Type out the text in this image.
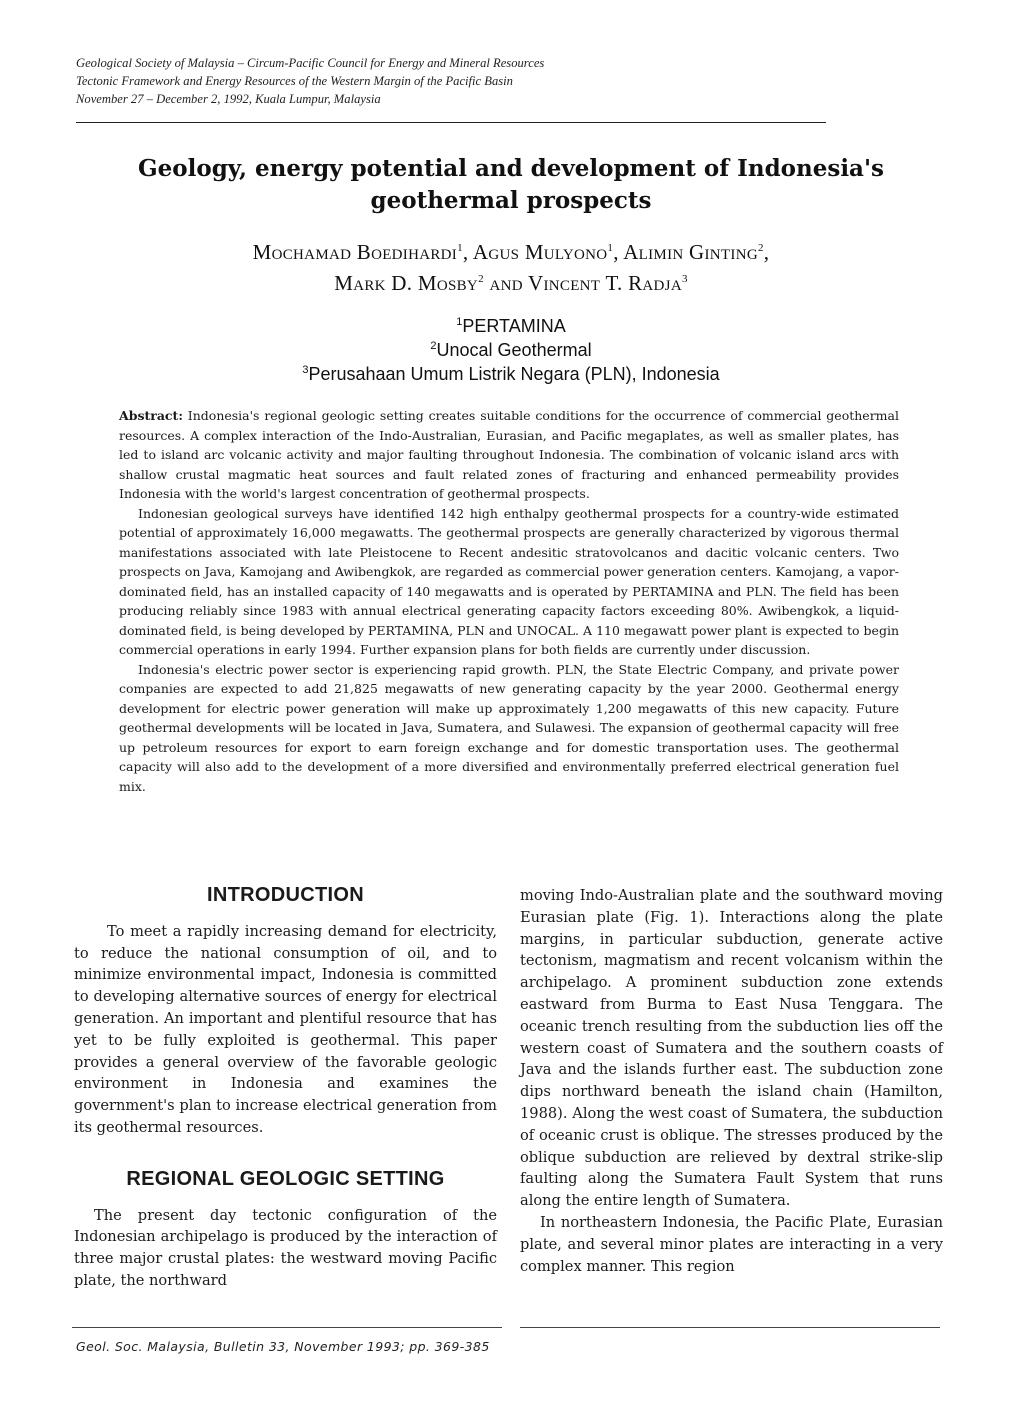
Geological Society of Malaysia – Circum-Pacific Council for Energy and Mineral Resources
Tectonic Framework and Energy Resources of the Western Margin of the Pacific Basin
November 27 – December 2, 1992, Kuala Lumpur, Malaysia
Geology, energy potential and development of Indonesia's
geothermal prospects
Mochamad Boedihardi$^1$, Agus Mulyono$^1$, Alimin Ginting$^2$,
Mark D. Mosby$^2$ and Vincent T. Radja$^3$
$^1$PERTAMINA
$^2$Unocal Geothermal
$^3$Perusahaan Umum Listrik Negara (PLN), Indonesia

Abstract: Indonesia's regional geologic setting creates suitable conditions for the occurrence of commercial geothermal resources. A complex interaction of the Indo-Australian, Eurasian, and Pacific megaplates, as well as smaller plates, has led to island arc volcanic activity and major faulting throughout Indonesia. The combination of volcanic island arcs with shallow crustal magmatic heat sources and fault related zones of fracturing and enhanced permeability provides Indonesia with the world's largest concentration of geothermal prospects.

Indonesian geological surveys have identified 142 high enthalpy geothermal prospects for a country-wide estimated potential of approximately 16,000 megawatts. The geothermal prospects are generally characterized by vigorous thermal manifestations associated with late Pleistocene to Recent andesitic stratovolcanos and dacitic volcanic centers. Two prospects on Java, Kamojang and Awibengkok, are regarded as commercial power generation centers. Kamojang, a vapor-dominated field, has an installed capacity of 140 megawatts and is operated by PERTAMINA and PLN. The field has been producing reliably since 1983 with annual electrical generating capacity factors exceeding 80%. Awibengkok, a liquid-dominated field, is being developed by PERTAMINA, PLN and UNOCAL. A 110 megawatt power plant is expected to begin commercial operations in early 1994. Further expansion plans for both fields are currently under discussion.

Indonesia's electric power sector is experiencing rapid growth. PLN, the State Electric Company, and private power companies are expected to add 21,825 megawatts of new generating capacity by the year 2000. Geothermal energy development for electric power generation will make up approximately 1,200 megawatts of this new capacity. Future geothermal developments will be located in Java, Sumatera, and Sulawesi. The expansion of geothermal capacity will free up petroleum resources for export to earn foreign exchange and for domestic transportation uses. The geothermal capacity will also add to the development of a more diversified and environmentally preferred electrical generation fuel mix.

INTRODUCTION

To meet a rapidly increasing demand for electricity, to reduce the national consumption of oil, and to minimize environmental impact, Indonesia is committed to developing alternative sources of energy for electrical generation. An important and plentiful resource that has yet to be fully exploited is geothermal. This paper provides a general overview of the favorable geologic environment in Indonesia and examines the government's plan to increase electrical generation from its geothermal resources.

REGIONAL GEOLOGIC SETTING

The present day tectonic configuration of the Indonesian archipelago is produced by the interaction of three major crustal plates: the westward moving Pacific plate, the northward

moving Indo-Australian plate and the southward moving Eurasian plate (Fig. 1). Interactions along the plate margins, in particular subduction, generate active tectonism, magmatism and recent volcanism within the archipelago. A prominent subduction zone extends eastward from Burma to East Nusa Tenggara. The oceanic trench resulting from the subduction lies off the western coast of Sumatera and the southern coasts of Java and the islands further east. The subduction zone dips northward beneath the island chain (Hamilton, 1988). Along the west coast of Sumatera, the subduction of oceanic crust is oblique. The stresses produced by the oblique subduction are relieved by dextral strike-slip faulting along the Sumatera Fault System that runs along the entire length of Sumatera.

In northeastern Indonesia, the Pacific Plate, Eurasian plate, and several minor plates are interacting in a very complex manner. This region

Geol. Soc. Malaysia, Bulletin 33, November 1993; pp. 369-385
